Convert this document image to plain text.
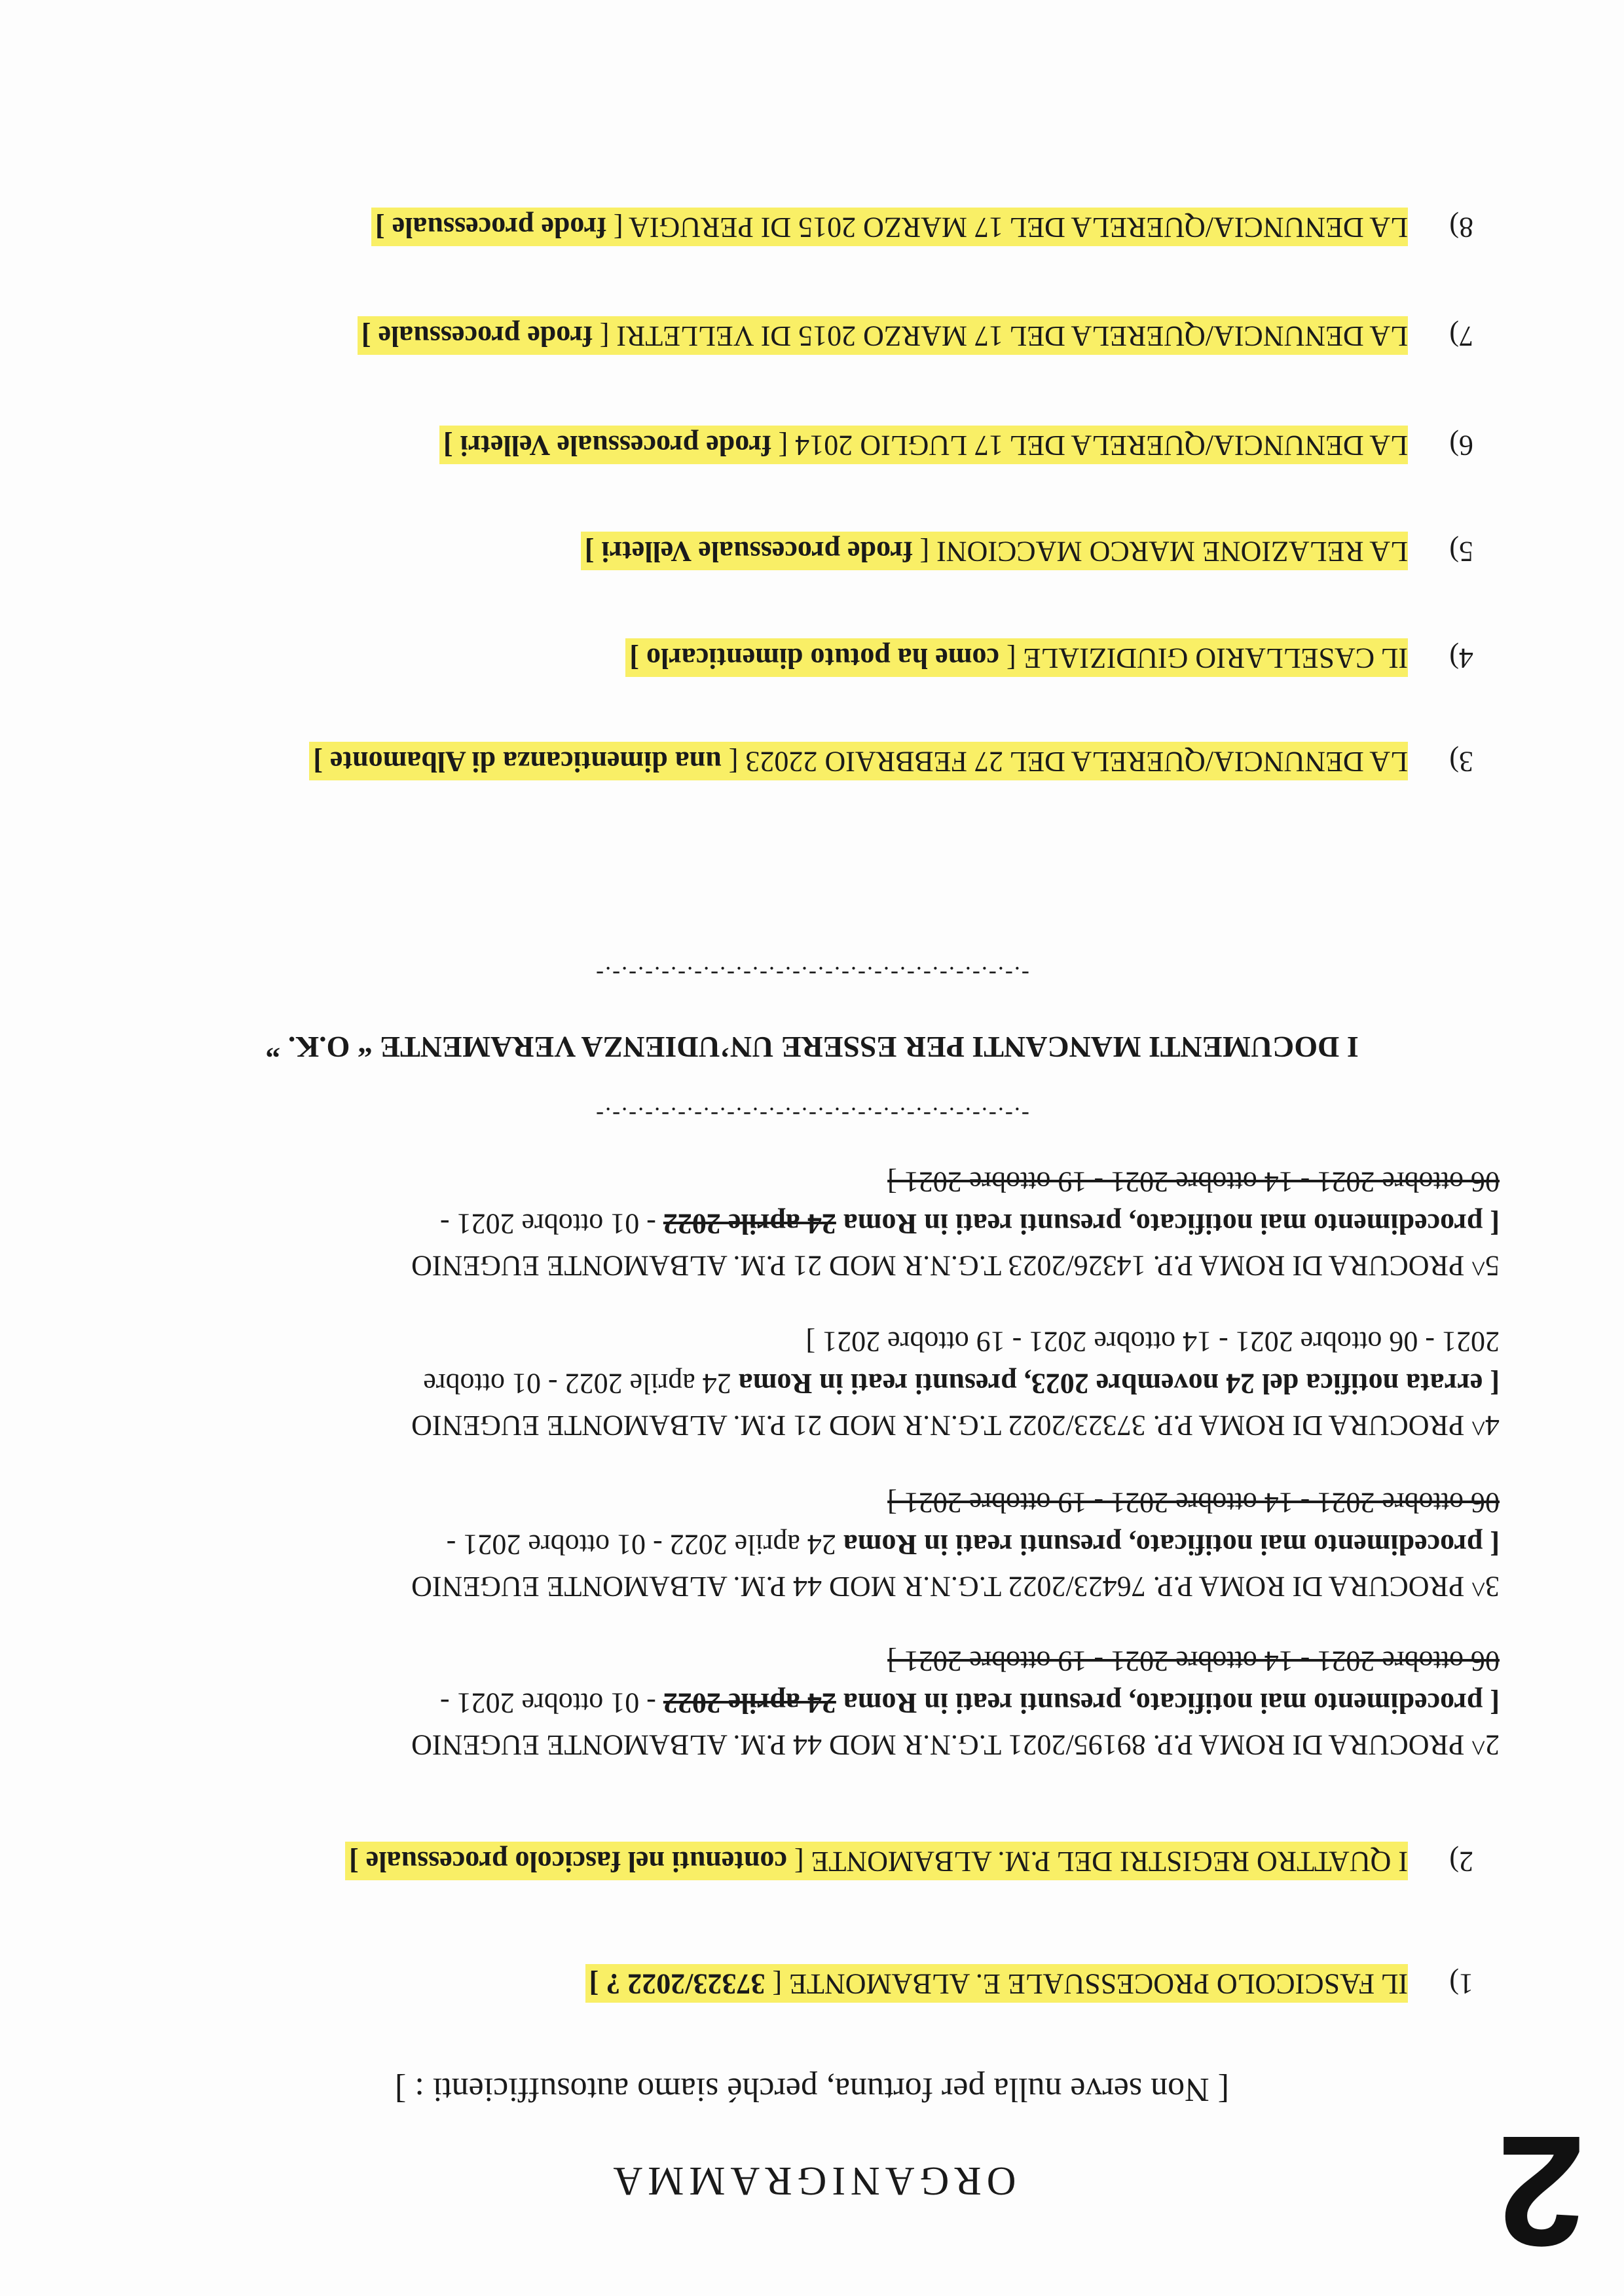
2
ORGANIGRAMMA
[ Non serve nulla per fortuna, perché siamo autosufficienti : ]
1)
IL FASCICOLO PROCESSUALE E. ALBAMONTE [ 37323/2022 ? ]
2)
I QUATTRO REGISTRI DEL P.M. ALBAMONTE [ contenuti nel fascicolo processuale ]
2^ PROCURA DI ROMA P.P. 89195/2021 T.G.N.R MOD 44 P.M. ALBAMONTE EUGENIO
[ procedimento mai notificato, presunti reati in Roma 24 aprile 2022 - 01 ottobre 2021 -
06 ottobre 2021 - 14 ottobre 2021 - 19 ottobre 2021 ]
3^ PROCURA DI ROMA P.P. 76423/2022 T.G.N.R MOD 44 P.M. ALBAMONTE EUGENIO
[ procedimento mai notificato, presunti reati in Roma 24 aprile 2022 - 01 ottobre 2021 -
06 ottobre 2021 - 14 ottobre 2021 - 19 ottobre 2021 ]
4^ PROCURA DI ROMA P.P. 37323/2022 T.G.N.R MOD 21 P.M. ALBAMONTE EUGENIO
[ errata notifica del 24 novembre 2023, presunti reati in Roma 24 aprile 2022 - 01 ottobre
2021 - 06 ottobre 2021 - 14 ottobre 2021 - 19 ottobre 2021 ]
5^ PROCURA DI ROMA P.P. 14326/2023 T.G.N.R MOD 21 P.M. ALBAMONTE EUGENIO
[ procedimento mai notificato, presunti reati in Roma 24 aprile 2022 - 01 ottobre 2021 -
06 ottobre 2021 - 14 ottobre 2021 - 19 ottobre 2021 ]
-.-.-.-.-.-.-.-.-.-.-.-.-.-.-.-.-.-.-.-.-.-.-.-.-.-.-
I DOCUMENTI MANCANTI PER ESSERE UN’UDIENZA VERAMENTE “ O.K. ”
-.-.-.-.-.-.-.-.-.-.-.-.-.-.-.-.-.-.-.-.-.-.-.-.-.-.-
3)
LA DENUNCIA/QUERELA DEL 27 FEBBRAIO 22023 [ una dimenticanza di Albamonte ]
4)
IL CASELLARIO GIUDIZIALE [ come ha potuto dimenticarlo ]
5)
LA RELAZIONE MARCO MACCIONI [ frode processuale Velletri ]
6)
LA DENUNCIA/QUERELA DEL 17 LUGLIO 2014 [ frode processuale Velletri ]
7)
LA DENUNCIA/QUERELA DEL 17 MARZO 2015 DI VELLETRI [ frode processuale ]
8)
LA DENUNCIA/QUERELA DEL 17 MARZO 2015 DI PERUGIA [ frode processuale ]
